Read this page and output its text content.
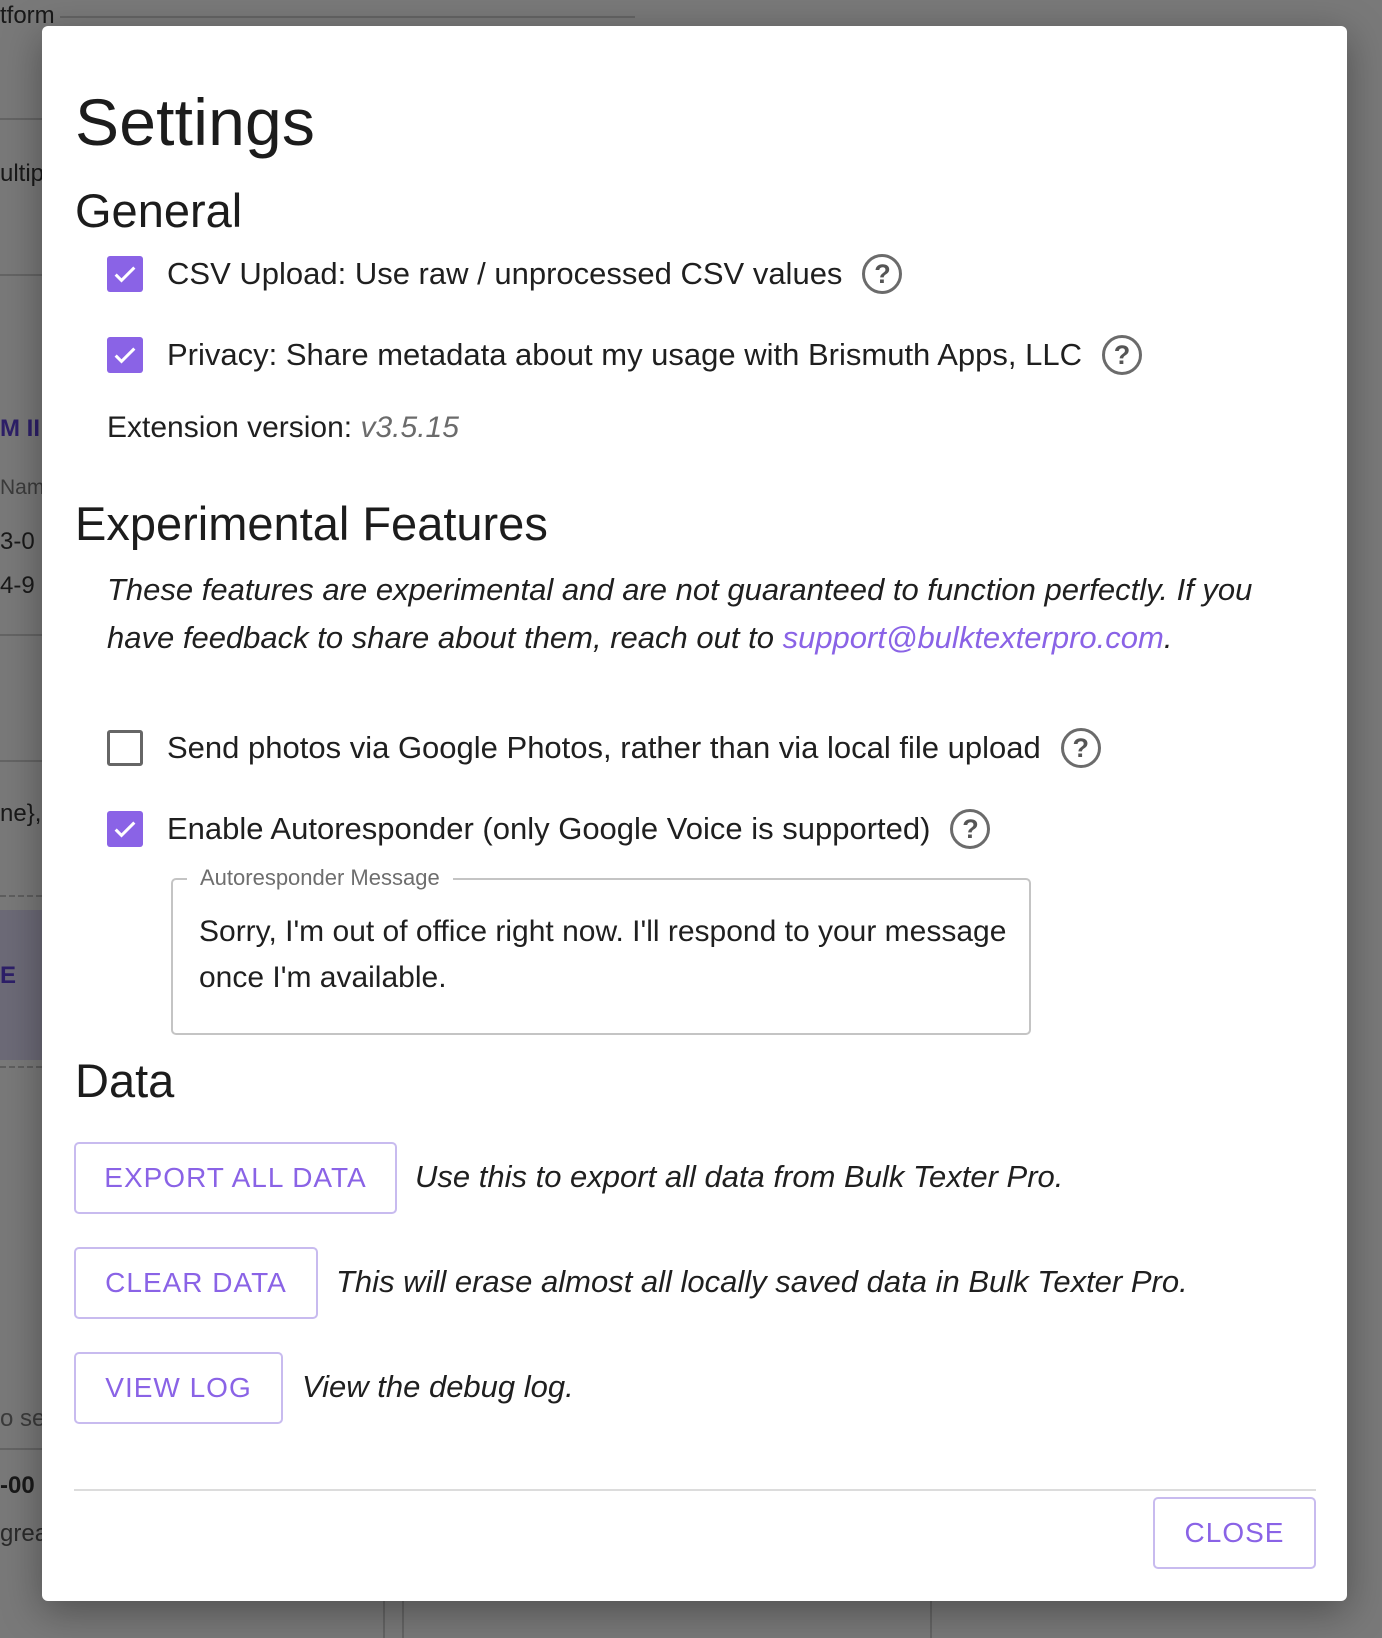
Settings
General
CSV Upload: Use raw / unprocessed CSV values	?
Privacy: Share metadata about my usage with Brismuth Apps, LLC	?
Extension version: v3.5.15
Experimental Features
These features are experimental and are not guaranteed to function perfectly. If you have feedback to share about them, reach out to support@bulktexterpro.com.
Send photos via Google Photos, rather than via local file upload	?
Enable Autoresponder (only Google Voice is supported)	?
Autoresponder Message
Sorry, I'm out of office right now. I'll respond to your message once I'm available.
Data
EXPORT ALL DATA	Use this to export all data from Bulk Texter Pro.
CLEAR DATA	This will erase almost all locally saved data in Bulk Texter Pro.
VIEW LOG	View the debug log.
CLOSE
